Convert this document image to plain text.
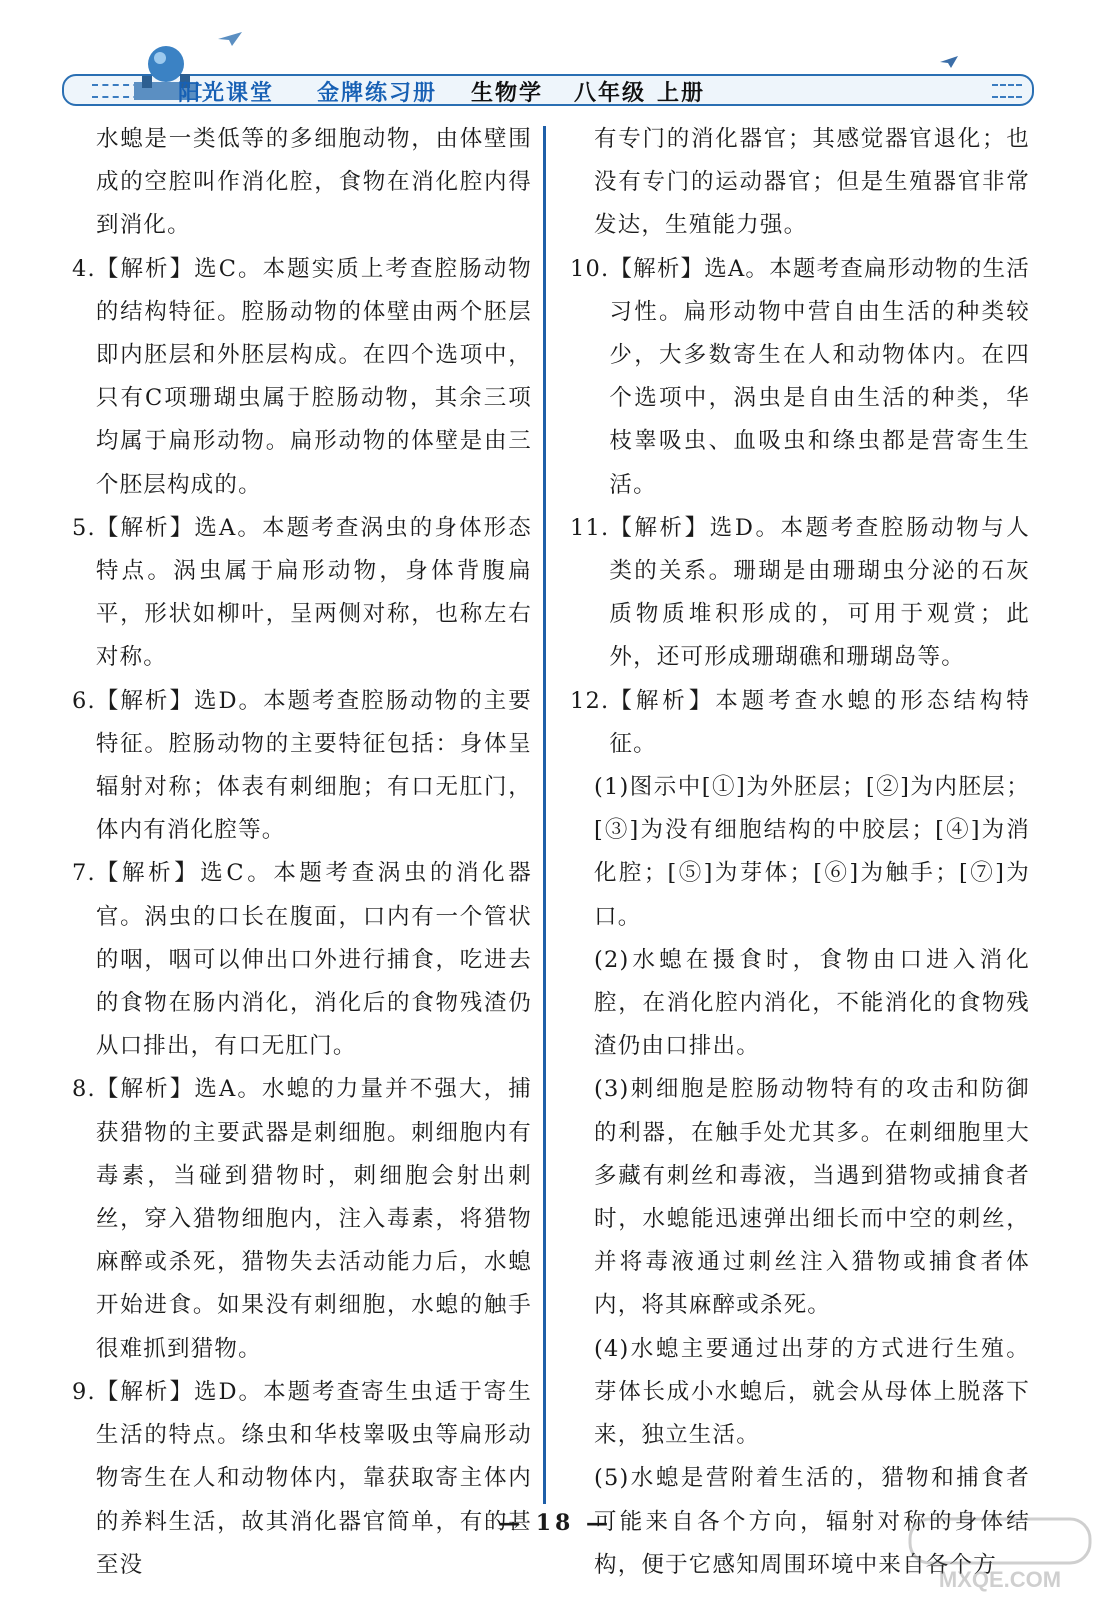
阳光课堂 金牌练习册 生物学 八年级 上册

水螅是一类低等的多细胞动物，由体壁围成的空腔叫作消化腔，食物在消化腔内得到消化。

4. 【解析】选C。本题实质上考查腔肠动物的结构特征。腔肠动物的体壁由两个胚层即内胚层和外胚层构成。在四个选项中，只有C项珊瑚虫属于腔肠动物，其余三项均属于扁形动物。扁形动物的体壁是由三个胚层构成的。

5. 【解析】选A。本题考查涡虫的身体形态特点。涡虫属于扁形动物，身体背腹扁平，形状如柳叶，呈两侧对称，也称左右对称。

6. 【解析】选D。本题考查腔肠动物的主要特征。腔肠动物的主要特征包括：身体呈辐射对称；体表有刺细胞；有口无肛门，体内有消化腔等。

7. 【解析】选C。本题考查涡虫的消化器官。涡虫的口长在腹面，口内有一个管状的咽，咽可以伸出口外进行捕食，吃进去的食物在肠内消化，消化后的食物残渣仍从口排出，有口无肛门。

8. 【解析】选A。水螅的力量并不强大，捕获猎物的主要武器是刺细胞。刺细胞内有毒素，当碰到猎物时，刺细胞会射出刺丝，穿入猎物细胞内，注入毒素，将猎物麻醉或杀死，猎物失去活动能力后，水螅开始进食。如果没有刺细胞，水螅的触手很难抓到猎物。

9. 【解析】选D。本题考查寄生虫适于寄生生活的特点。绦虫和华枝睾吸虫等扁形动物寄生在人和动物体内，靠获取寄主体内的养料生活，故其消化器官简单，有的甚至没

有专门的消化器官；其感觉器官退化；也没有专门的运动器官；但是生殖器官非常发达，生殖能力强。

10. 【解析】选A。本题考查扁形动物的生活习性。扁形动物中营自由生活的种类较少，大多数寄生在人和动物体内。在四个选项中，涡虫是自由生活的种类，华枝睾吸虫、血吸虫和绦虫都是营寄生生活。

11. 【解析】选D。本题考查腔肠动物与人类的关系。珊瑚是由珊瑚虫分泌的石灰质物质堆积形成的，可用于观赏；此外，还可形成珊瑚礁和珊瑚岛等。

12. 【解析】本题考查水螅的形态结构特征。

(1)图示中[①]为外胚层；[②]为内胚层；[③]为没有细胞结构的中胶层；[④]为消化腔；[⑤]为芽体；[⑥]为触手；[⑦]为口。

(2)水螅在摄食时，食物由口进入消化腔，在消化腔内消化，不能消化的食物残渣仍由口排出。

(3)刺细胞是腔肠动物特有的攻击和防御的利器，在触手处尤其多。在刺细胞里大多藏有刺丝和毒液，当遇到猎物或捕食者时，水螅能迅速弹出细长而中空的刺丝，并将毒液通过刺丝注入猎物或捕食者体内，将其麻醉或杀死。

(4)水螅主要通过出芽的方式进行生殖。芽体长成小水螅后，就会从母体上脱落下来，独立生活。

(5)水螅是营附着生活的，猎物和捕食者可能来自各个方向，辐射对称的身体结构，便于它感知周围环境中来自各个方

— 18 —
MXQE.COM
